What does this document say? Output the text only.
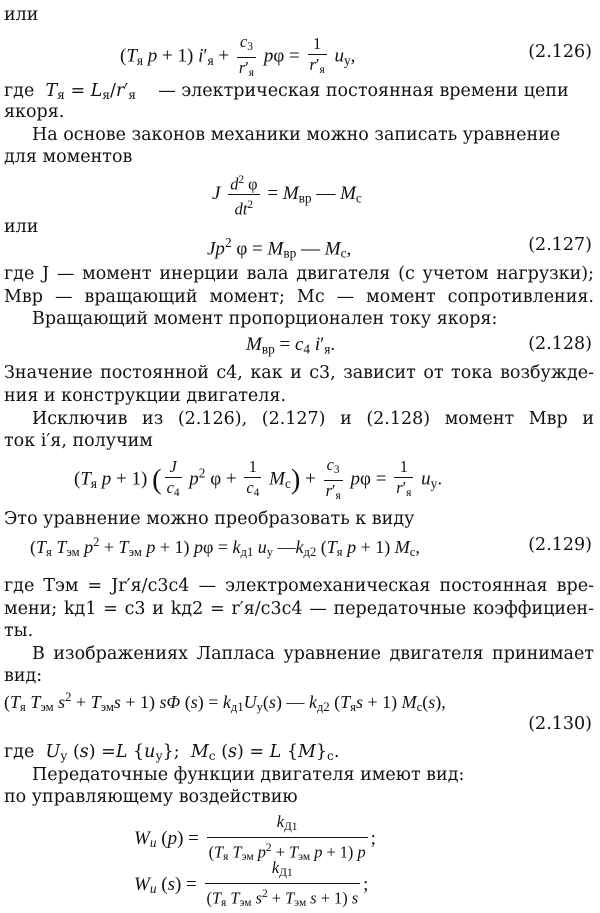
или
($T_я$ p + 1) $i'_я$ +
$c_3$
$r'_я$
pφ =
1
$r'_я$
$u_у$,	(2.126)
где $T_я = L_я/r'_я$ — электрическая постоянная времени цепи
якоря.
На основе законов механики можно записать уравнение
для моментов
J $\frac{d^2 \varphi}{dt^2} = M_{вр}$ — $M_c$
или
Jp$^2$ $\varphi = M_{вр}$ — $M_c$,	(2.127)
где J — момент инерции вала двигателя (с учетом нагрузки);
Mвр — вращающий момент; Mс — момент сопротивления.
Вращающий момент пропорционален току якоря:
$M_{вр} = c_4$ $i'_я$.	(2.128)
Значение постоянной c4, как и c3, зависит от тока возбужде-
ния и конструкции двигателя.
Исключив из (2.126), (2.127) и (2.128) момент Mвр и
ток i′я, получим
($T_я$ p + 1) ( $\frac{J}{c_4} p^2$ $\varphi + \frac{1}{c_4} M_c$) +
$c_3$
$r'_я$
pφ =
1
$r'_я$
$u_у$.
Это уравнение можно преобразовать к виду
($T_я$ $T_{эм}$ $p^2 + T_{эм}$ p + 1) $p\varphi = k_{д1}$ $u_у$ $—k_{д2}$ ($T_я$ p + 1) $M_c$,	(2.129)
где Tэм = Jr′я/c3c4 — электромеханическая постоянная вре-
мени; kд1 = c3 и kд2 = r′я/c3c4 — передаточные коэффициен-
ты.
В изображениях Лапласа уравнение двигателя принимает
вид:
($T_я$ $T_{эм}$ $s^2 + T_{эм}s + 1$) sΦ $(s) = k_{д1}U_у(s)$ — $k_{д2}$ $(T_яs + 1)$ $M_c(s)$,
(2.130)
где  $U_у$ (s) =L $\{u_у\}$;  $M_c$ (s) = L $\{M\}_c$.
Передаточные функции двигателя имеют вид:
по управляющему воздействию
$W_u$ (p) =
$k_{Д1}$
($T_я$ $T_{эм}$ $p^2 + T_{эм}$ p + 1) p
;
$W_u$ (s) =
$k_{Д1}$
($T_я$ $T_{эм}$ $s^2 + T_{эм}$ s + 1) s
;
